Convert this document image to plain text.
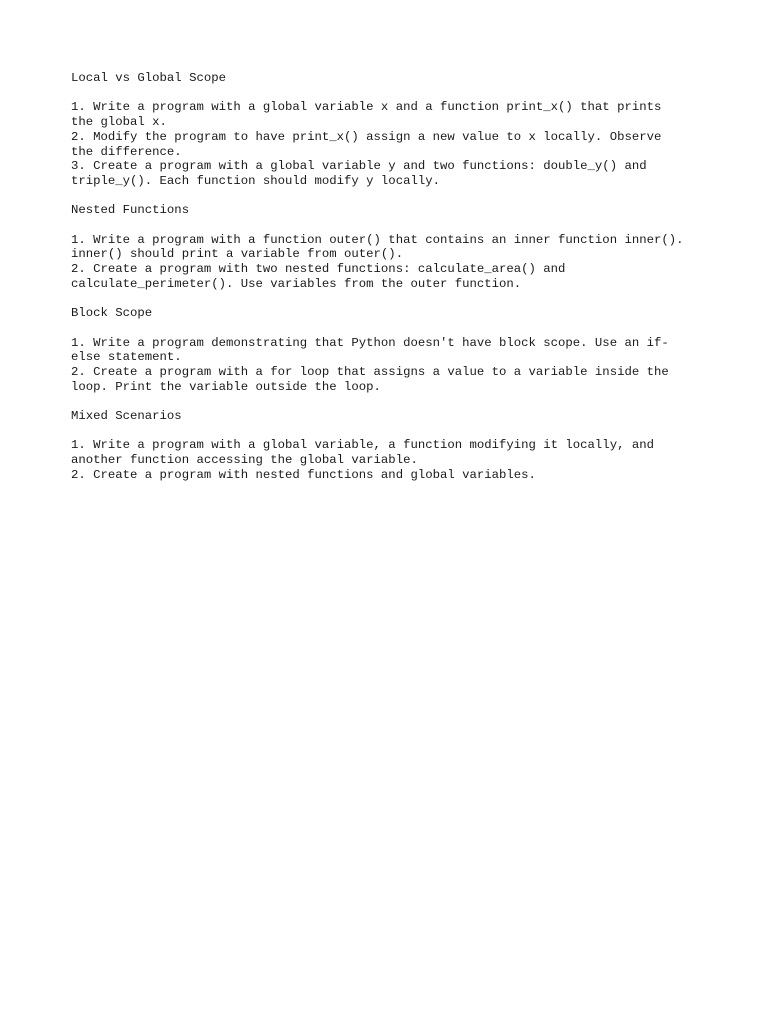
Local vs Global Scope
1. Write a program with a global variable x and a function print_x() that prints
the global x.
2. Modify the program to have print_x() assign a new value to x locally. Observe
the difference.
3. Create a program with a global variable y and two functions: double_y() and
triple_y(). Each function should modify y locally.
Nested Functions
1. Write a program with a function outer() that contains an inner function inner().
inner() should print a variable from outer().
2. Create a program with two nested functions: calculate_area() and
calculate_perimeter(). Use variables from the outer function.
Block Scope
1. Write a program demonstrating that Python doesn't have block scope. Use an if-
else statement.
2. Create a program with a for loop that assigns a value to a variable inside the
loop. Print the variable outside the loop.
Mixed Scenarios
1. Write a program with a global variable, a function modifying it locally, and
another function accessing the global variable.
2. Create a program with nested functions and global variables.
